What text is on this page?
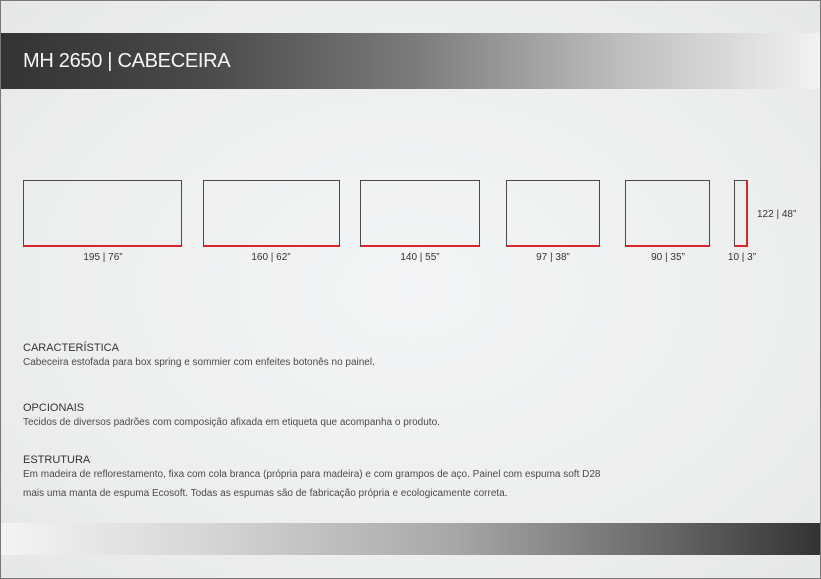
MH 2650 | CABECEIRA
195 | 76”	160 | 62”	140 | 55”	97 | 38”	90 | 35”	10 | 3”
122 | 48”
CARACTERÍSTICA
Cabeceira estofada para box spring e sommier com enfeites botonês no painel.
OPCIONAIS
Tecidos de diversos padrões com composição afixada em etiqueta que acompanha o produto.
ESTRUTURA
Em madeira de reflorestamento, fixa com cola branca (própria para madeira) e com grampos de aço. Painel com espuma soft D28
mais uma manta de espuma Ecosoft. Todas as espumas são de fabricação própria e ecologicamente correta.
